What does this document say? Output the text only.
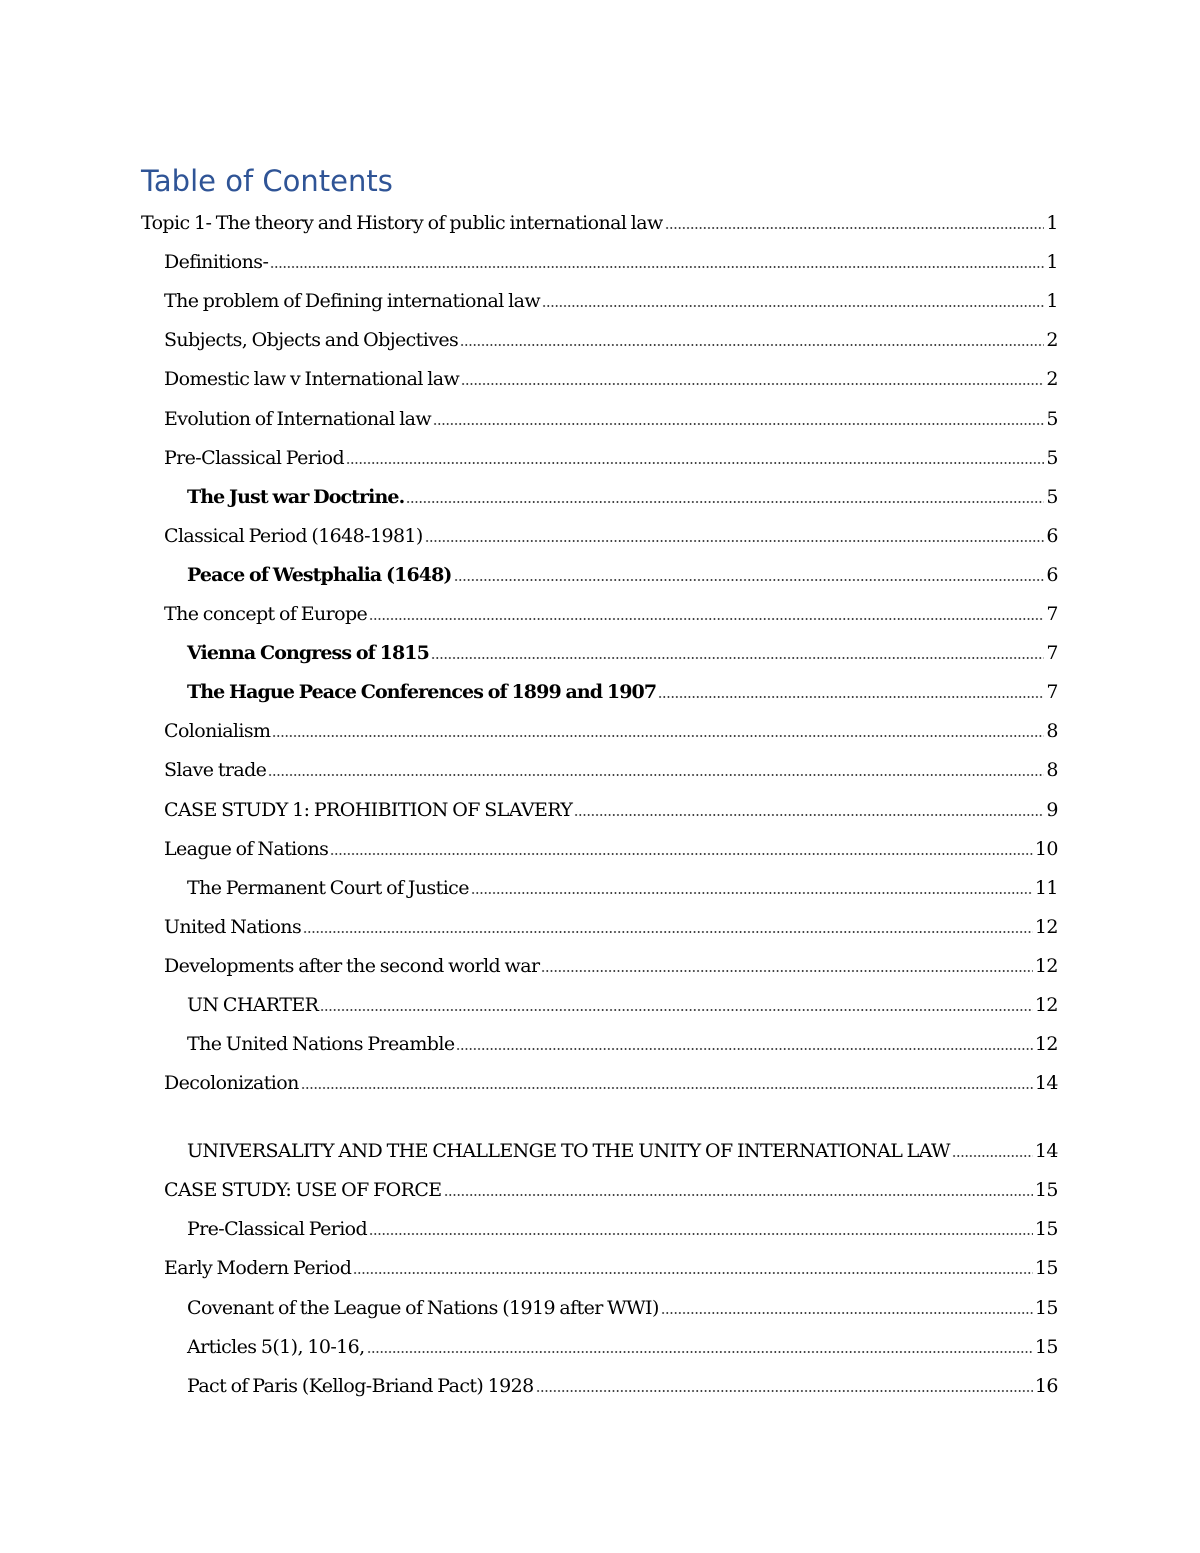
Table of Contents
Topic 1- The theory and History of public international law	1
Definitions-	1
The problem of Defining international law	1
Subjects, Objects and Objectives	2
Domestic law v International law	2
Evolution of International law	5
Pre-Classical Period	5
The Just war Doctrine.	5
Classical Period (1648-1981)	6
Peace of Westphalia (1648)	6
The concept of Europe	7
Vienna Congress of 1815	7
The Hague Peace Conferences of 1899 and 1907	7
Colonialism	8
Slave trade	8
CASE STUDY 1: PROHIBITION OF SLAVERY	9
League of Nations	10
The Permanent Court of Justice	11
United Nations	12
Developments after the second world war	12
UN CHARTER	12
The United Nations Preamble	12
Decolonization	14
UNIVERSALITY AND THE CHALLENGE TO THE UNITY OF INTERNATIONAL LAW	14
CASE STUDY: USE OF FORCE	15
Pre-Classical Period	15
Early Modern Period	15
Covenant of the League of Nations (1919 after WWI)	15
Articles 5(1), 10-16,	15
Pact of Paris (Kellog-Briand Pact) 1928	16
